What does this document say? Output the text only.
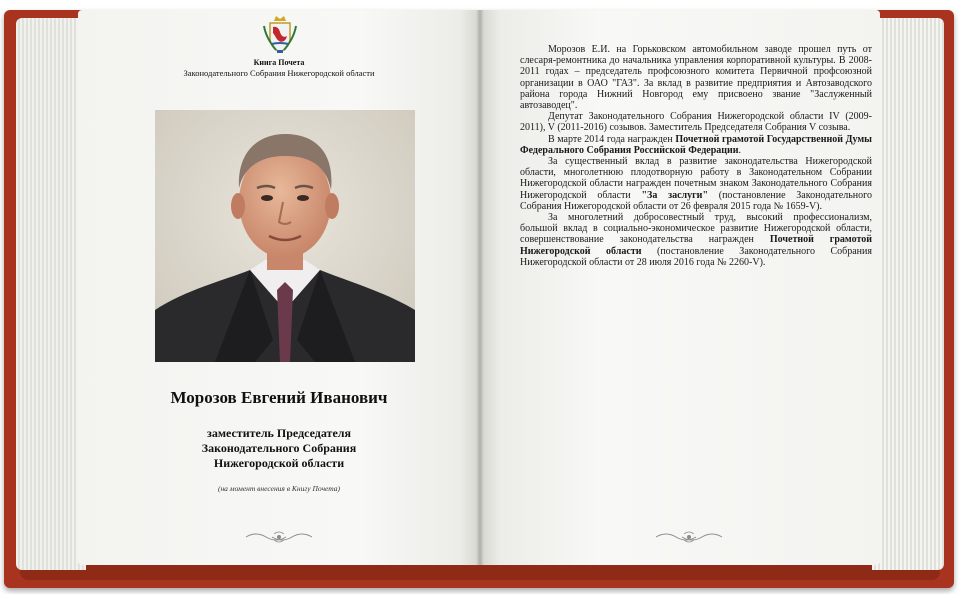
Книга Почета
Законодательного Собрания Нижегородской области
Морозов Евгений Иванович
заместитель Председателя
Законодательного Собрания
Нижегородской области
(на момент внесения в Книгу Почета)

Морозов Е.И. на Горьковском автомобильном заводе прошел путь от слесаря-ремонтника до начальника управления корпоративной культуры. В 2008-2011 годах – председатель профсоюзного комитета Первичной профсоюзной организации в ОАО "ГАЗ". За вклад в развитие предприятия и Автозаводского района города Нижний Новгород ему присвоено звание "Заслуженный автозаводец".

Депутат Законодательного Собрания Нижегородской области IV (2009-2011), V (2011-2016) созывов. Заместитель Председателя Собрания V созыва.

В марте 2014 года награжден Почетной грамотой Государственной Думы Федерального Собрания Российской Федерации.

За существенный вклад в развитие законодательства Нижегородской области, многолетнюю плодотворную работу в Законодательном Собрании Нижегородской области награжден почетным знаком Законодательного Собрания Нижегородской области "За заслуги" (постановление Законодательного Собрания Нижегородской области от 26 февраля 2015 года № 1659-V).

За многолетний добросовестный труд, высокий профессионализм, большой вклад в социально-экономическое развитие Нижегородской области, совершенствование законодательства награжден Почетной грамотой Нижегородской области (постановление Законодательного Собрания Нижегородской области от 28 июля 2016 года № 2260-V).
